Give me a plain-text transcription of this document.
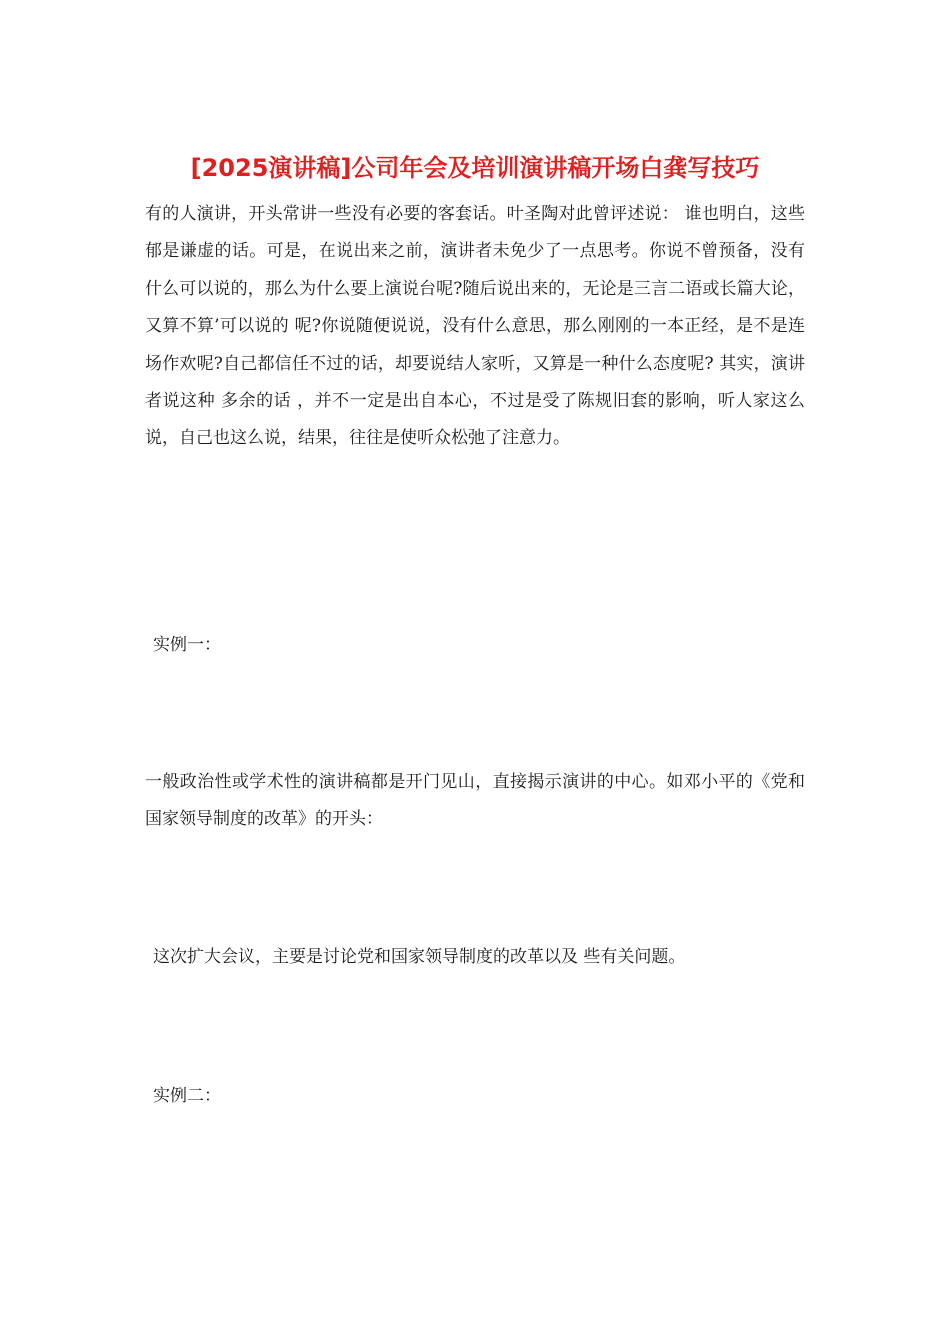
[2025演讲稿]公司年会及培训演讲稿开场白龚写技巧

有的人演讲，开头常讲一些没有必要的客套话。叶圣陶对此曾评述说： 谁也明白，这些郁是谦虚的话。可是，在说出来之前，演讲者未免少了一点思考。你说不曾预备，没有什么可以说的，那么为什么要上演说台呢?随后说出来的，无论是三言二语或长篇大论，又算不算’可以说的 呢?你说随便说说，没有什么意思，那么刚刚的一本正经，是不是连场作欢呢?自己都信任不过的话，却要说结人家听，又算是一种什么态度呢? 其实，演讲者说这种 多余的话 ，并不一定是出自本心，不过是受了陈规旧套的影响，听人家这么说，自己也这么说，结果，往往是使听众松弛了注意力。

实例一：

一般政治性或学术性的演讲稿都是开门见山，直接揭示演讲的中心。如邓小平的《党和国家领导制度的改革》的开头：

这次扩大会议，主要是讨论党和国家领导制度的改革以及 些有关问题。

实例二：
